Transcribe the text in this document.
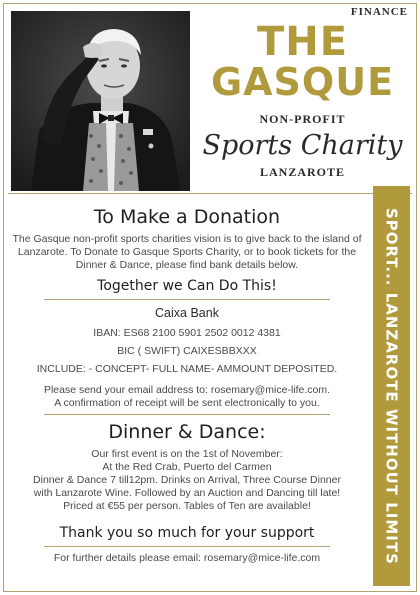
FINANCE
THE
GASQUE
NON-PROFIT
Sports Charity
LANZAROTE
SPORT... LANZAROTE WITHOUT LIMITS
To Make a Donation

The Gasque non-profit sports charities vision is to give back to the island of Lanzarote. To Donate to Gasque Sports Charity, or to book tickets for the Dinner & Dance, please find bank details below.

Together we Can Do This!
Caixa Bank
IBAN: ES68 2100 5901 2502 0012 4381
BIC ( SWIFT) CAIXESBBXXX
INCLUDE: - CONCEPT- FULL NAME- AMMOUNT DEPOSITED.

Please send your email address to: rosemary@mice-life.com.

A confirmation of receipt will be sent electronically to you.

Dinner & Dance:

Our first event is on the 1st of November:

At the Red Crab, Puerto del Carmen

Dinner & Dance 7 till12pm. Drinks on Arrival, Three Course Dinner

with Lanzarote Wine. Followed by an Auction and Dancing till late!

Priced at €55 per person. Tables of Ten are available!

Thank you so much for your support

For further details please email: rosemary@mice-life.com
